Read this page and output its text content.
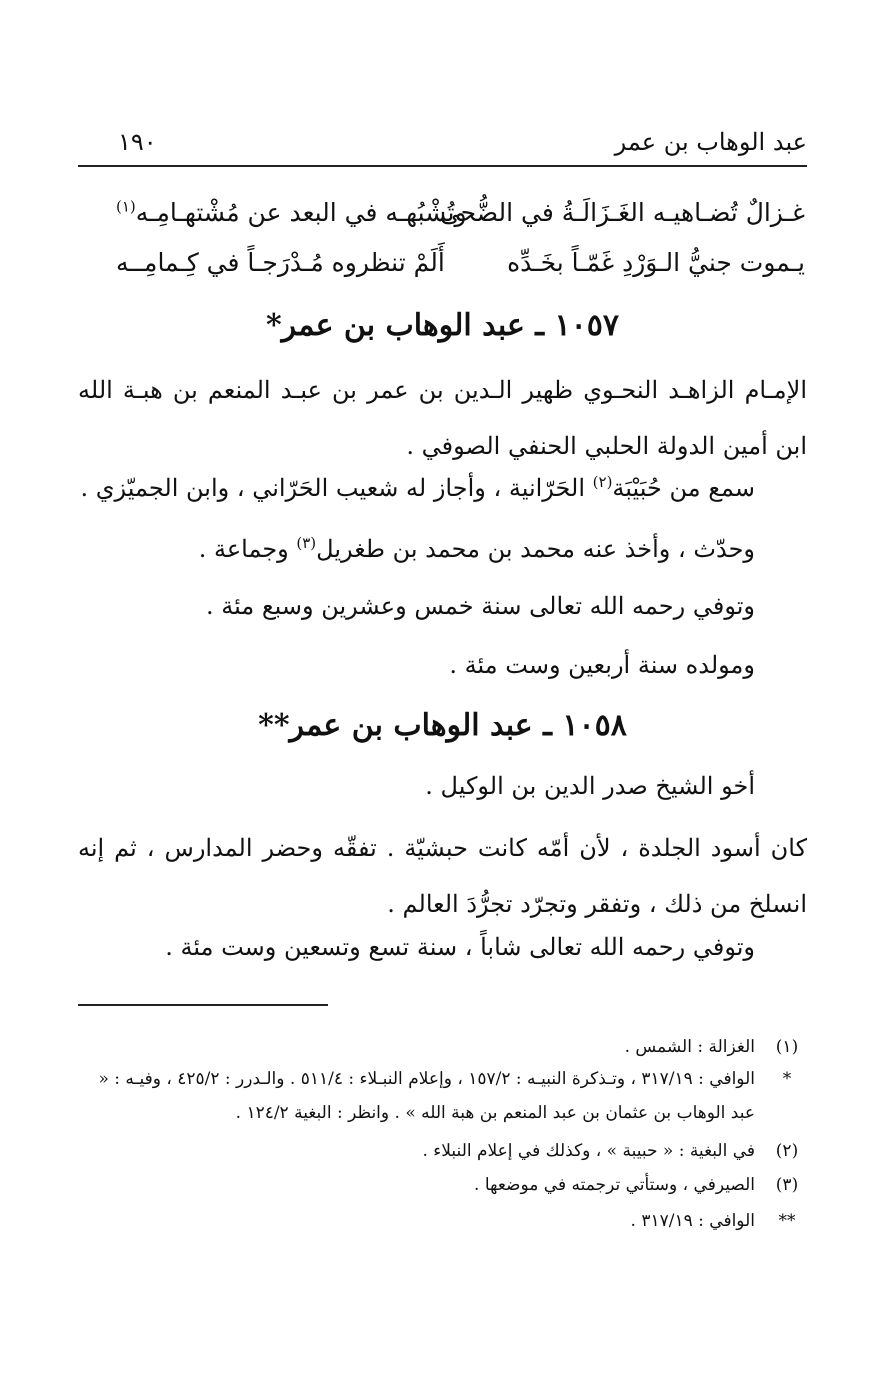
عبد الوهاب بن عمر
١٩٠
غـزالٌ تُضـاهيـه الغَـزَالَـةُ في الضُّحى
وتُشْبُهـه في البعد عن مُشْتهـامِـه$^{(١)}$
يـموت جنيُّ الـوَرْدِ غَمّـاً بخَـدِّه
أَلَمْ تنظروه مُـدْرَجـاً في كِـمامِــه
١٠٥٧ ـ عبد الوهاب بن عمر*
الإمـام الزاهـد النحـوي ظهير الـدين بن عمر بن عبـد المنعم بن هبـة الله ابن أمين الدولة الحلبي الحنفي الصوفي .
سمع من حُبَيْبَة$^{(٢)}$ الحَرّانية ، وأجاز له شعيب الحَرّاني ، وابن الجميّزي .
وحدّث ، وأخذ عنه محمد بن محمد بن طغريل$^{(٣)}$ وجماعة .
وتوفي رحمه الله تعالى سنة خمس وعشرين وسبع مئة .
ومولده سنة أربعين وست مئة .
١٠٥٨ ـ عبد الوهاب بن عمر**
أخو الشيخ صدر الدين بن الوكيل .
كان أسود الجلدة ، لأن أمّه كانت حبشيّة . تفقّه وحضر المدارس ، ثم إنه انسلخ من ذلك ، وتفقر وتجرّد تجرُّدَ العالم .
وتوفي رحمه الله تعالى شاباً ، سنة تسع وتسعين وست مئة .
(١)
الغزالة : الشمس .
*
الوافي : ٣١٧/١٩ ، وتـذكرة النبيـه : ١٥٧/٢ ، وإعلام النبـلاء : ٥١١/٤ . والـدرر : ٤٢٥/٢ ، وفيـه : « عبد الوهاب بن عثمان بن عبد المنعم بن هبة الله » . وانظر : البغية ١٢٤/٢ .
(٢)
في البغية : « حبيبة » ، وكذلك في إعلام النبلاء .
(٣)
الصيرفي ، وستأتي ترجمته في موضعها .
**
الوافي : ٣١٧/١٩ .
